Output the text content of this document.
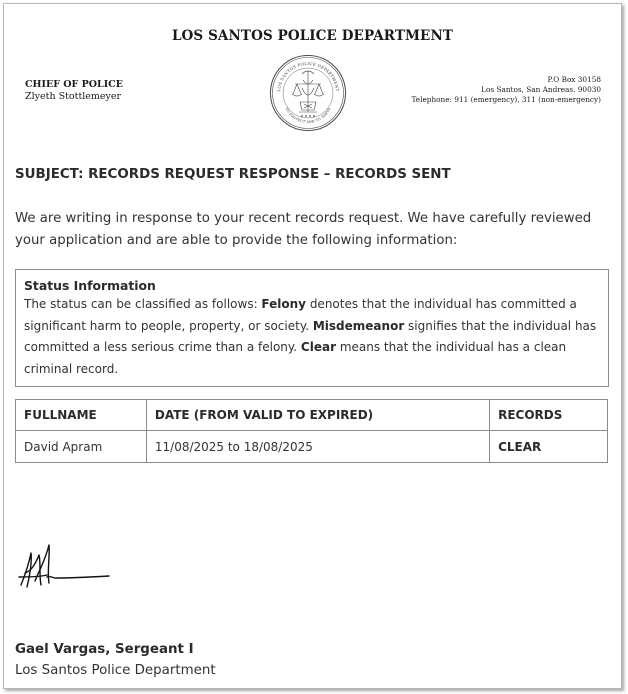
LOS SANTOS POLICE DEPARTMENT
CHIEF OF POLICE
Zlyeth Stottlemeyer
LOS SANTOS POLICE DEPARTMENT
TO PROTECT AND TO SERVE
P.O Box 30158
Los Santos, San Andreas. 90030
Telephone: 911 (emergency), 311 (non-emergency)
SUBJECT: RECORDS REQUEST RESPONSE – RECORDS SENT
We are writing in response to your recent records request. We have carefully reviewed your application and are able to provide the following information:
Status Information
The status can be classified as follows: Felony denotes that the individual has committed a significant harm to people, property, or society. Misdemeanor signifies that the individual has committed a less serious crime than a felony. Clear means that the individual has a clean criminal record.
FULLNAME	DATE (FROM VALID TO EXPIRED)	RECORDS
David Apram	11/08/2025 to 18/08/2025	CLEAR
Gael Vargas, Sergeant I
Los Santos Police Department
